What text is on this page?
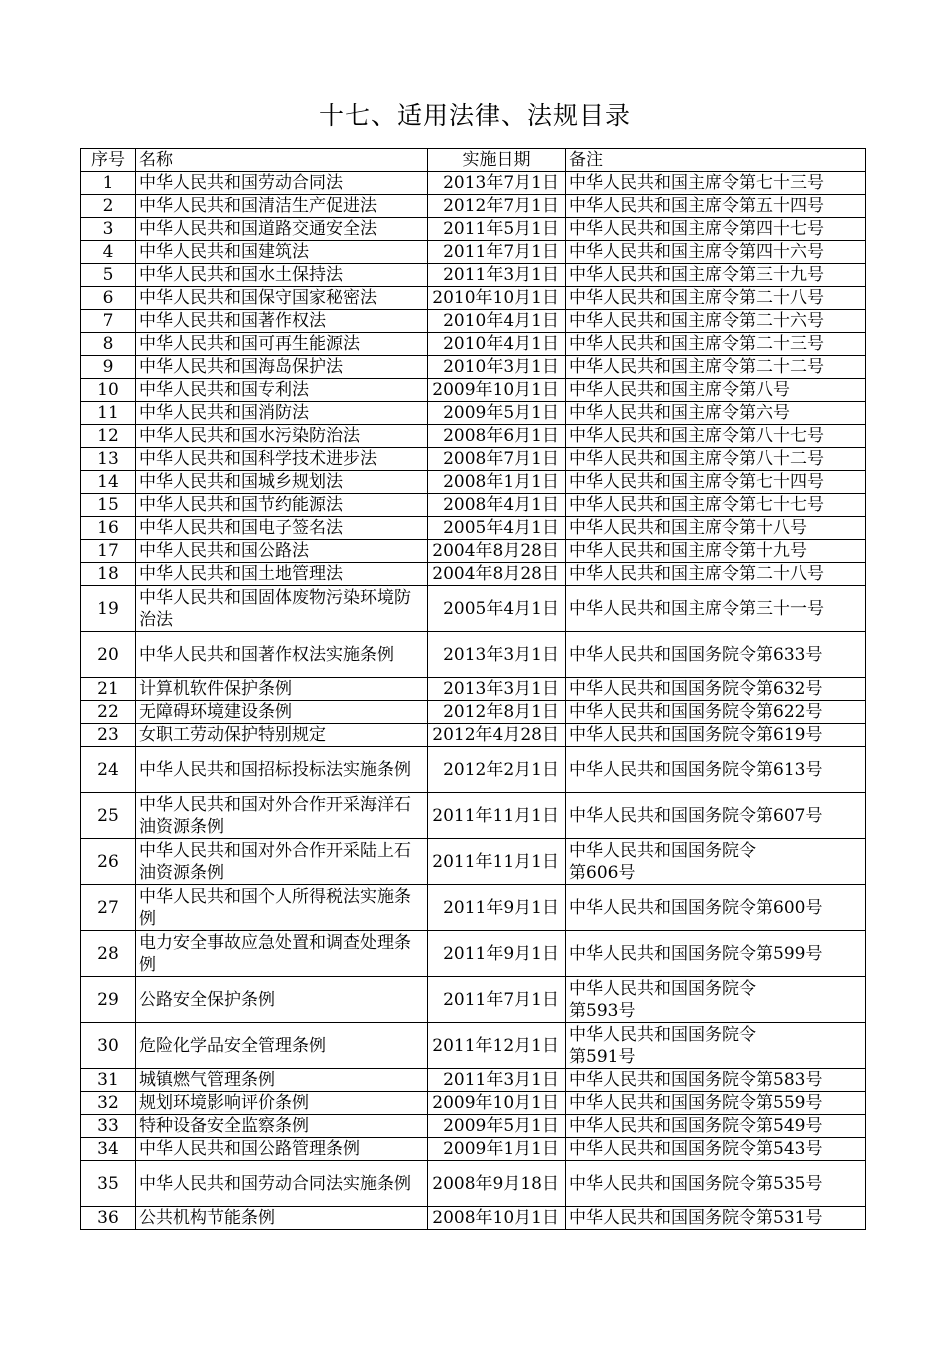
十七、适用法律、法规目录
序号	名称	实施日期	备注
1	中华人民共和国劳动合同法	2013年7月1日	中华人民共和国主席令第七十三号
2	中华人民共和国清洁生产促进法	2012年7月1日	中华人民共和国主席令第五十四号
3	中华人民共和国道路交通安全法	2011年5月1日	中华人民共和国主席令第四十七号
4	中华人民共和国建筑法	2011年7月1日	中华人民共和国主席令第四十六号
5	中华人民共和国水土保持法	2011年3月1日	中华人民共和国主席令第三十九号
6	中华人民共和国保守国家秘密法	2010年10月1日	中华人民共和国主席令第二十八号
7	中华人民共和国著作权法	2010年4月1日	中华人民共和国主席令第二十六号
8	中华人民共和国可再生能源法	2010年4月1日	中华人民共和国主席令第二十三号
9	中华人民共和国海岛保护法	2010年3月1日	中华人民共和国主席令第二十二号
10	中华人民共和国专利法	2009年10月1日	中华人民共和国主席令第八号
11	中华人民共和国消防法	2009年5月1日	中华人民共和国主席令第六号
12	中华人民共和国水污染防治法	2008年6月1日	中华人民共和国主席令第八十七号
13	中华人民共和国科学技术进步法	2008年7月1日	中华人民共和国主席令第八十二号
14	中华人民共和国城乡规划法	2008年1月1日	中华人民共和国主席令第七十四号
15	中华人民共和国节约能源法	2008年4月1日	中华人民共和国主席令第七十七号
16	中华人民共和国电子签名法	2005年4月1日	中华人民共和国主席令第十八号
17	中华人民共和国公路法	2004年8月28日	中华人民共和国主席令第十九号
18	中华人民共和国土地管理法	2004年8月28日	中华人民共和国主席令第二十八号
19	中华人民共和国固体废物污染环境防治法	2005年4月1日	中华人民共和国主席令第三十一号
20	中华人民共和国著作权法实施条例	2013年3月1日	中华人民共和国国务院令第633号
21	计算机软件保护条例	2013年3月1日	中华人民共和国国务院令第632号
22	无障碍环境建设条例	2012年8月1日	中华人民共和国国务院令第622号
23	女职工劳动保护特别规定	2012年4月28日	中华人民共和国国务院令第619号
24	中华人民共和国招标投标法实施条例	2012年2月1日	中华人民共和国国务院令第613号
25	中华人民共和国对外合作开采海洋石油资源条例	2011年11月1日	中华人民共和国国务院令第607号
26	中华人民共和国对外合作开采陆上石油资源条例	2011年11月1日	中华人民共和国国务院令
第606号
27	中华人民共和国个人所得税法实施条例	2011年9月1日	中华人民共和国国务院令第600号
28	电力安全事故应急处置和调查处理条例	2011年9月1日	中华人民共和国国务院令第599号
29	公路安全保护条例	2011年7月1日	中华人民共和国国务院令
第593号
30	危险化学品安全管理条例	2011年12月1日	中华人民共和国国务院令
第591号
31	城镇燃气管理条例	2011年3月1日	中华人民共和国国务院令第583号
32	规划环境影响评价条例	2009年10月1日	中华人民共和国国务院令第559号
33	特种设备安全监察条例	2009年5月1日	中华人民共和国国务院令第549号
34	中华人民共和国公路管理条例	2009年1月1日	中华人民共和国国务院令第543号
35	中华人民共和国劳动合同法实施条例	2008年9月18日	中华人民共和国国务院令第535号
36	公共机构节能条例	2008年10月1日	中华人民共和国国务院令第531号
